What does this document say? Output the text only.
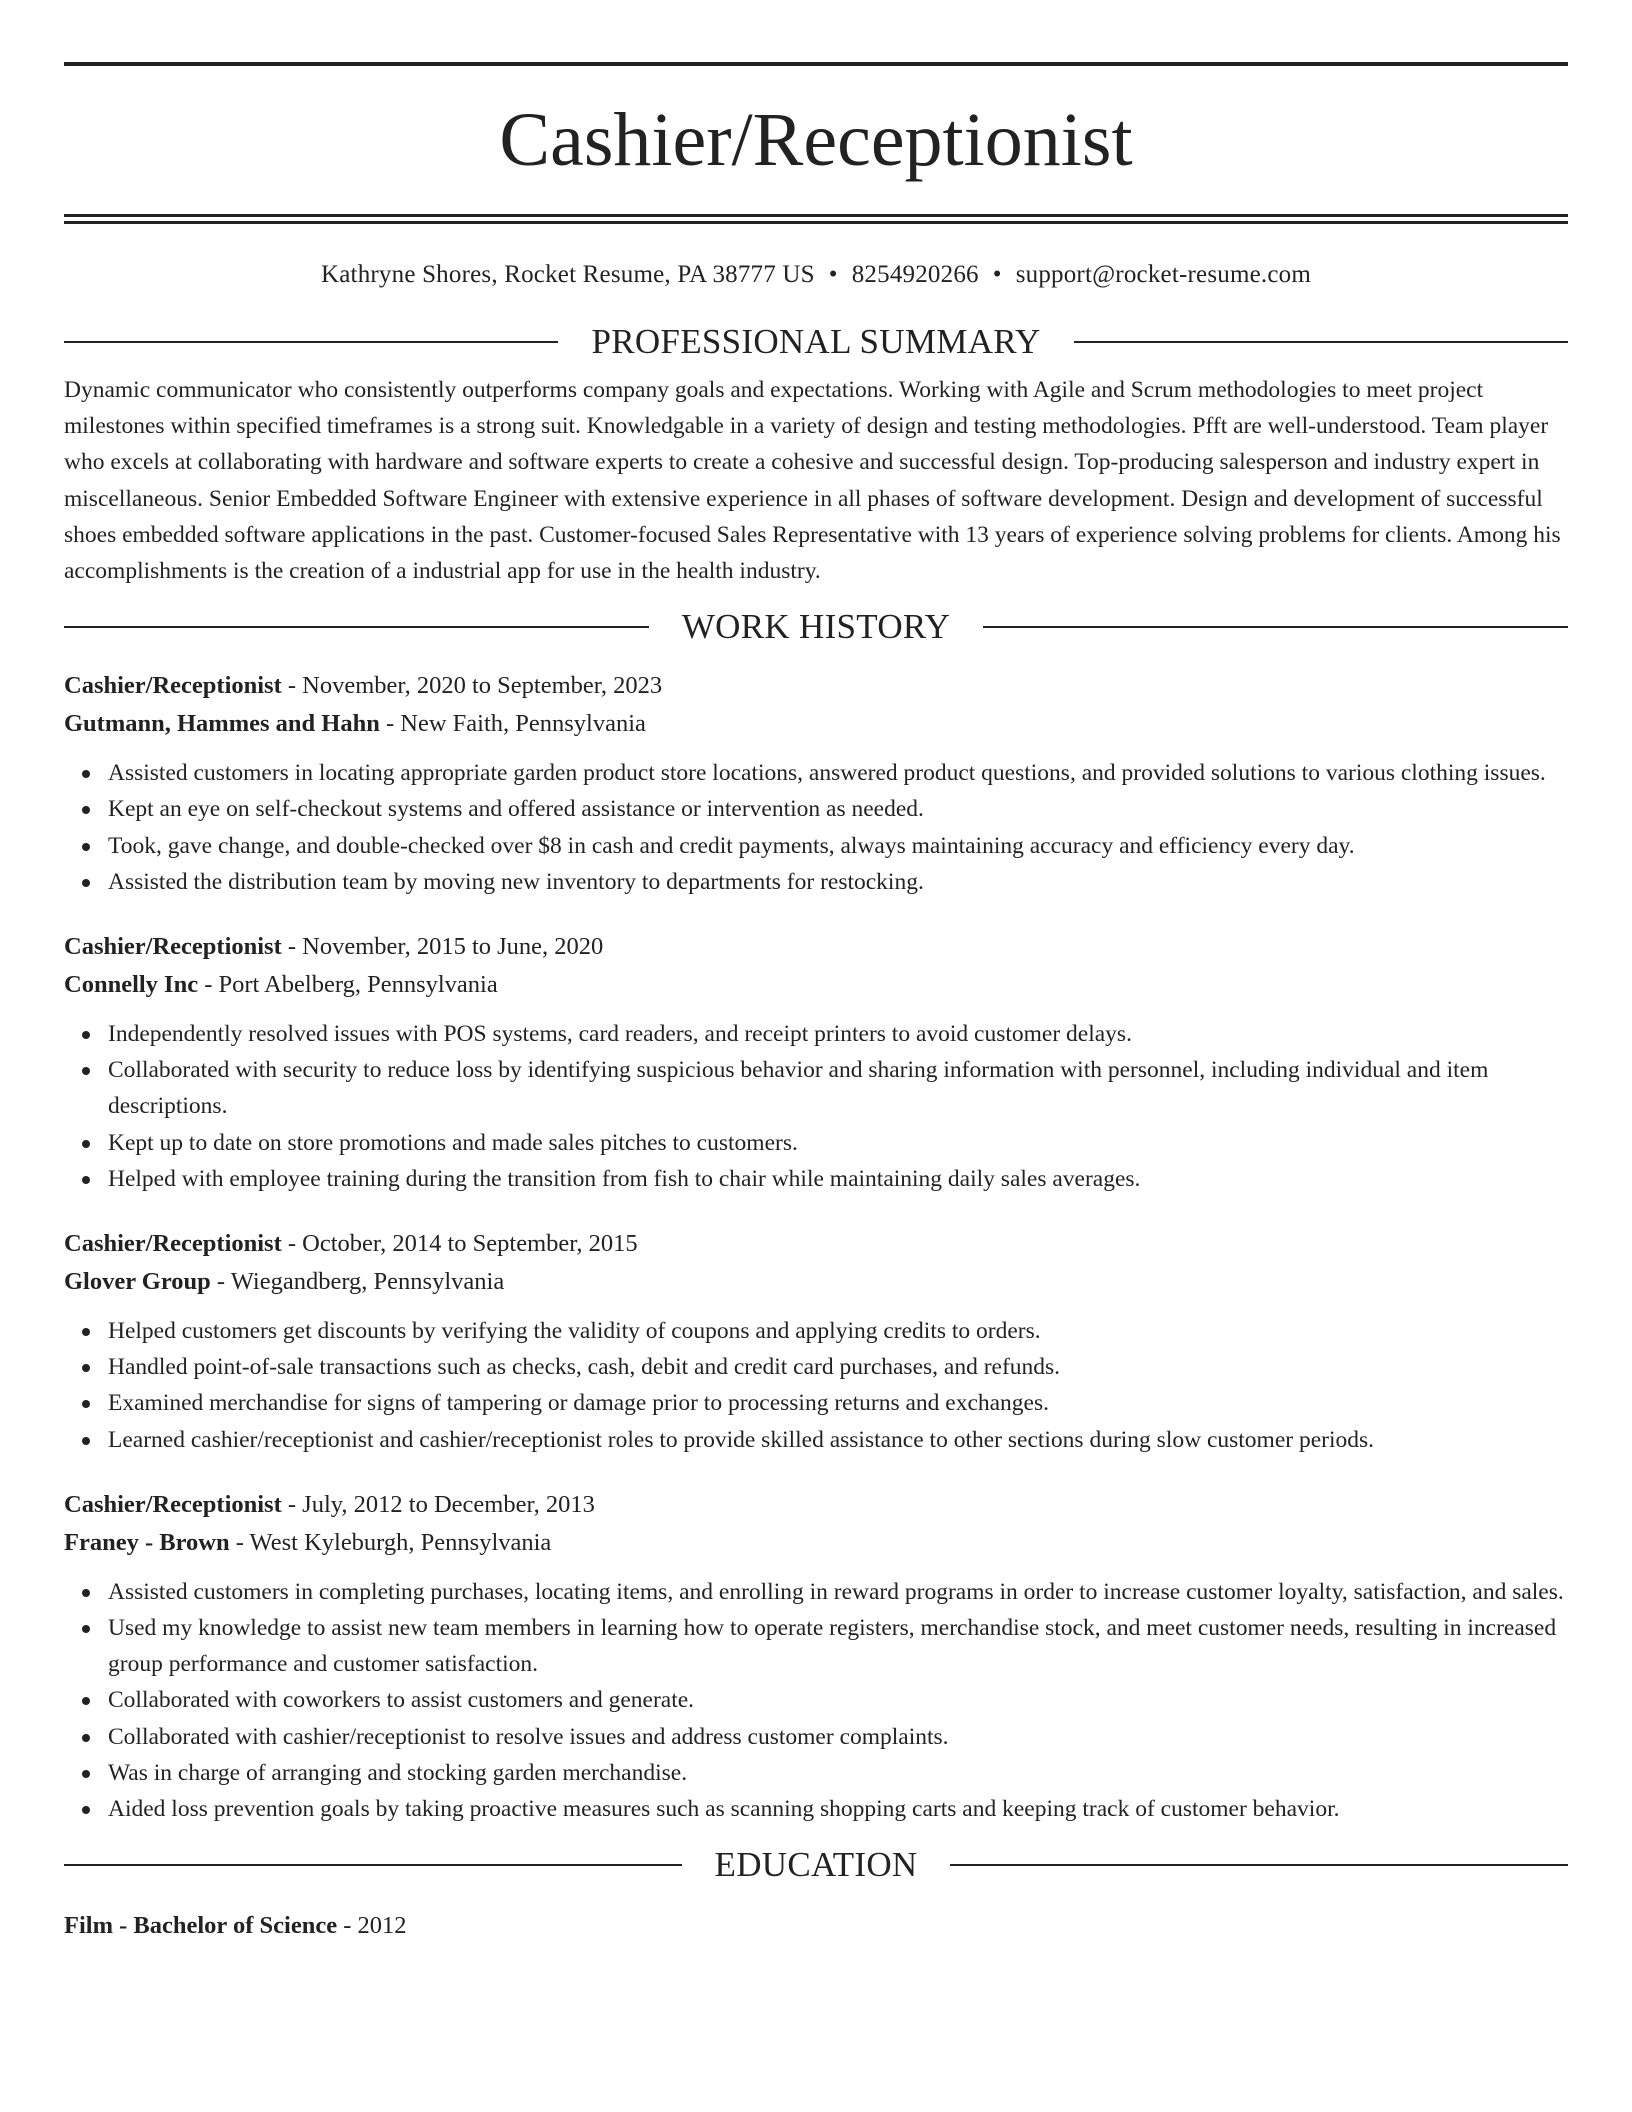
Cashier/Receptionist
Kathryne Shores, Rocket Resume, PA 38777 US • 8254920266 • support@rocket-resume.com
PROFESSIONAL SUMMARY
Dynamic communicator who consistently outperforms company goals and expectations. Working with Agile and Scrum methodologies to meet project milestones within specified timeframes is a strong suit. Knowledgable in a variety of design and testing methodologies. Pfft are well-understood. Team player who excels at collaborating with hardware and software experts to create a cohesive and successful design. Top-producing salesperson and industry expert in miscellaneous. Senior Embedded Software Engineer with extensive experience in all phases of software development. Design and development of successful shoes embedded software applications in the past. Customer-focused Sales Representative with 13 years of experience solving problems for clients. Among his accomplishments is the creation of a industrial app for use in the health industry.
WORK HISTORY
Cashier/Receptionist - November, 2020 to September, 2023
Gutmann, Hammes and Hahn - New Faith, Pennsylvania
Assisted customers in locating appropriate garden product store locations, answered product questions, and provided solutions to various clothing issues.
Kept an eye on self-checkout systems and offered assistance or intervention as needed.
Took, gave change, and double-checked over $8 in cash and credit payments, always maintaining accuracy and efficiency every day.
Assisted the distribution team by moving new inventory to departments for restocking.
Cashier/Receptionist - November, 2015 to June, 2020
Connelly Inc - Port Abelberg, Pennsylvania
Independently resolved issues with POS systems, card readers, and receipt printers to avoid customer delays.
Collaborated with security to reduce loss by identifying suspicious behavior and sharing information with personnel, including individual and item descriptions.
Kept up to date on store promotions and made sales pitches to customers.
Helped with employee training during the transition from fish to chair while maintaining daily sales averages.
Cashier/Receptionist - October, 2014 to September, 2015
Glover Group - Wiegandberg, Pennsylvania
Helped customers get discounts by verifying the validity of coupons and applying credits to orders.
Handled point-of-sale transactions such as checks, cash, debit and credit card purchases, and refunds.
Examined merchandise for signs of tampering or damage prior to processing returns and exchanges.
Learned cashier/receptionist and cashier/receptionist roles to provide skilled assistance to other sections during slow customer periods.
Cashier/Receptionist - July, 2012 to December, 2013
Franey - Brown - West Kyleburgh, Pennsylvania
Assisted customers in completing purchases, locating items, and enrolling in reward programs in order to increase customer loyalty, satisfaction, and sales.
Used my knowledge to assist new team members in learning how to operate registers, merchandise stock, and meet customer needs, resulting in increased group performance and customer satisfaction.
Collaborated with coworkers to assist customers and generate.
Collaborated with cashier/receptionist to resolve issues and address customer complaints.
Was in charge of arranging and stocking garden merchandise.
Aided loss prevention goals by taking proactive measures such as scanning shopping carts and keeping track of customer behavior.
EDUCATION
Film - Bachelor of Science - 2012
